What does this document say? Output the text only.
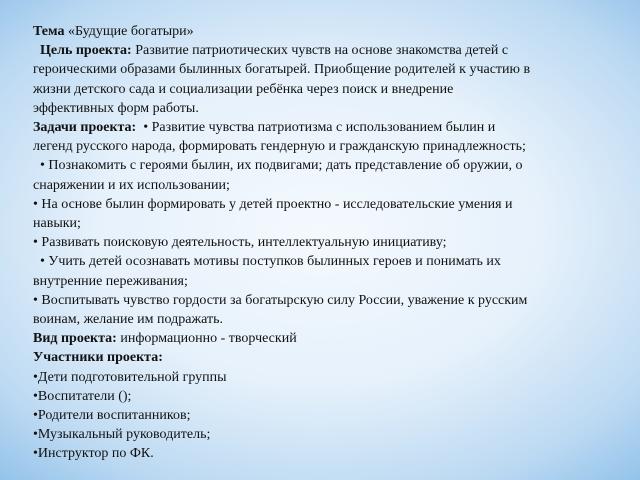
Тема «Будущие богатыри»

Цель проекта: Развитие патриотических чувств на основе знакомства детей с

героическими образами былинных богатырей. Приобщение родителей к участию в

жизни детского сада и социализации ребёнка через поиск и внедрение

эффективных форм работы.

Задачи проекта: • Развитие чувства патриотизма с использованием былин и

легенд русского народа, формировать гендерную и гражданскую принадлежность;

• Познакомить с героями былин, их подвигами; дать представление об оружии, о

снаряжении и их использовании;

• На основе былин формировать у детей проектно - исследовательские умения и

навыки;

• Развивать поисковую деятельность, интеллектуальную инициативу;

• Учить детей осознавать мотивы поступков былинных героев и понимать их

внутренние переживания;

• Воспитывать чувство гордости за богатырскую силу России, уважение к русским

воинам, желание им подражать.

Вид проекта: информационно - творческий

Участники проекта:

•Дети подготовительной группы

•Воспитатели ();

•Родители воспитанников;

•Музыкальный руководитель;

•Инструктор по ФК.
